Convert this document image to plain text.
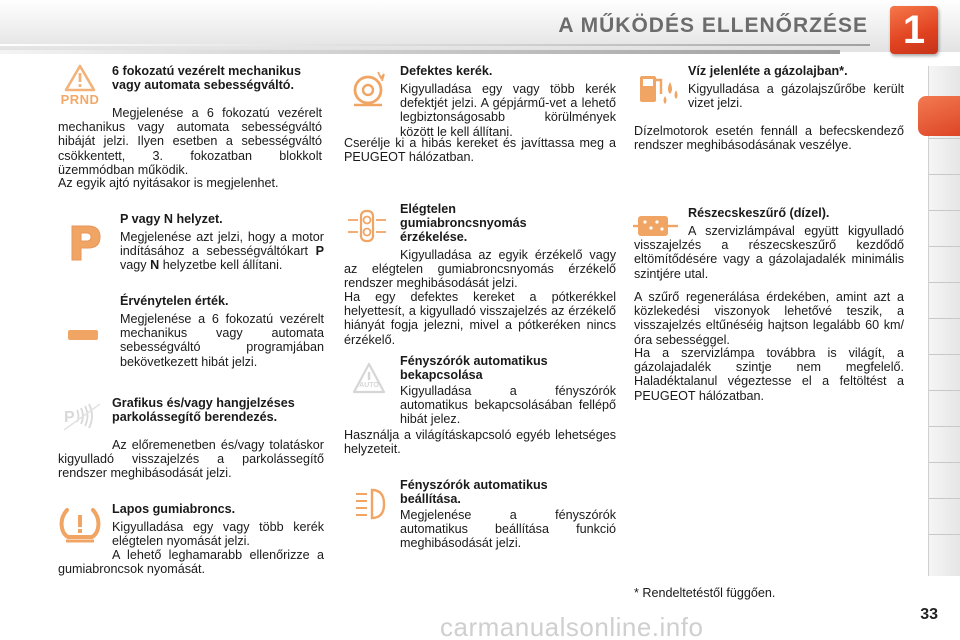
A MŰKÖDÉS ELLENŐRZÉSE 1
PRND
6 fokozatú vezérelt mechanikus vagy automata sebességváltó.
Megjelenése a 6 fokozatú vezérelt mechanikus vagy automata sebességváltó hibáját jelzi. Ilyen esetben a sebességváltó csökkentett, 3. fokozatban blokkolt üzemmódban működik.
Az egyik ajtó nyitásakor is megjelenhet.
P vagy N helyzet.
Megjelenése azt jelzi, hogy a motor indításához a sebességváltókart P vagy N helyzetbe kell állítani.
Érvénytelen érték.
Megjelenése a 6 fokozatú vezérelt mechanikus vagy automata sebességváltó programjában bekövetkezett hibát jelzi.
P
Grafikus és/vagy hangjelzéses parkolássegítő berendezés.
Az előremenetben és/vagy tolatáskor kigyulladó visszajelzés a parkolássegítő rendszer meghibásodását jelzi.
Lapos gumiabroncs.
Kigyulladása egy vagy több kerék elégtelen nyomását jelzi.
A lehető leghamarabb ellenőrizze a gumiabroncsok nyomását.
Defektes kerék.
Kigyulladása egy vagy több kerék defektjét jelzi. A gépjármű-vet a lehető legbiztonságosabb körülmények között le kell állítani.
Cserélje ki a hibás kereket és javíttassa meg a PEUGEOT hálózatban.
Elégtelen gumiabroncsnyomás érzékelése.
Kigyulladása az egyik érzékelő vagy az elégtelen gumiabroncsnyomás érzékelő rendszer meghibásodását jelzi.
Ha egy defektes kereket a pótkerékkel helyettesít, a kigyulladó visszajelzés az érzékelő hiányát fogja jelezni, mivel a pótkeréken nincs érzékelő.
AUTO
Fényszórók automatikus bekapcsolása
Kigyulladása a fényszórók automatikus bekapcsolásában fellépő hibát jelez.
Használja a világításkapcsoló egyéb lehetséges helyzeteit.
Fényszórók automatikus beállítása.
Megjelenése a fényszórók automatikus beállítása funkció meghibásodását jelzi.
Víz jelenléte a gázolajban*.
Kigyulladása a gázolajszűrőbe került vizet jelzi.
Dízelmotorok esetén fennáll a befecskendező rendszer meghibásodásának veszélye.
Részecskeszűrő (dízel).
A szervizlámpával együtt kigyulladó visszajelzés a részecskeszűrő kezdődő eltömítődésére vagy a gázolajadalék minimális szintjére utal.
A szűrő regenerálása érdekében, amint azt a közlekedési viszonyok lehetővé teszik, a visszajelzés eltűnéséig hajtson legalább 60 km/óra sebességgel.
Ha a szervizlámpa továbbra is világít, a gázolajadalék szintje nem megfelelő. Haladéktalanul végeztesse el a feltöltést a PEUGEOT hálózatban.
* Rendeltetéstől függően.
carmanualsonline.info	33
